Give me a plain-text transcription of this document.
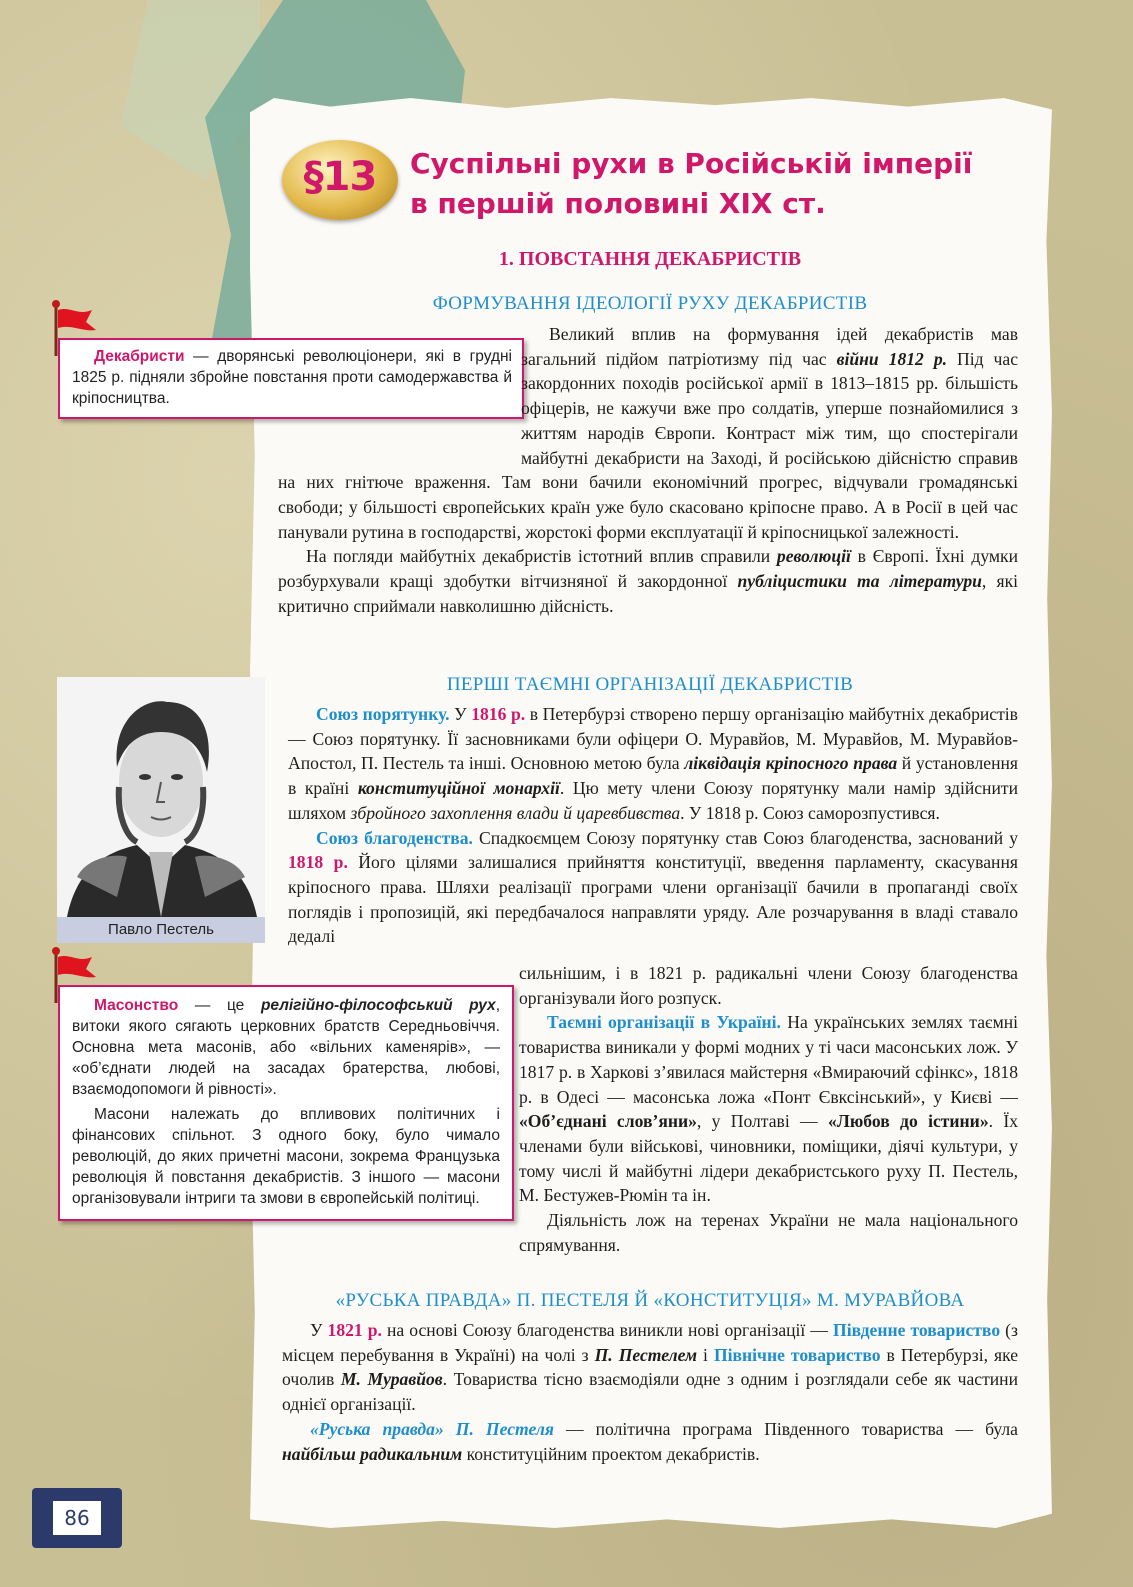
§13 Суспільні рухи в Російській імперії
в першій половині XIX ст.
1. ПОВСТАННЯ ДЕКАБРИСТІВ
ФОРМУВАННЯ ІДЕОЛОГІЇ РУХУ ДЕКАБРИСТІВ

Декабристи — дворянські революціонери, які в грудні 1825 р. підняли збройне повстання проти самодержавства й кріпосництва.

Великий вплив на формування ідей декабристів мав загальний підйом патріотизму під час війни 1812 р. Під час закордонних походів російської армії в 1813–1815 рр. більшість офіцерів, не кажучи вже про солдатів, уперше познайомилися з життям народів Європи. Контраст між тим, що спостерігали майбутні декабристи на Заході, й російською дійсністю справив на них гнітюче враження. Там вони бачили економічний прогрес, відчували громадянські свободи; у більшості європейських країн уже було скасовано кріпосне право. А в Росії в цей час панували рутина в господарстві, жорстокі форми експлуатації й кріпосницької залежності.

На погляди майбутніх декабристів істотний вплив справили революції в Європі. Їхні думки розбурхували кращі здобутки вітчизняної й закордонної публіцистики та літератури, які критично сприймали навколишню дійсність.

ПЕРШІ ТАЄМНІ ОРГАНІЗАЦІЇ ДЕКАБРИСТІВ
Павло Пестель

Союз порятунку. У 1816 р. в Петербурзі створено першу організацію майбутніх декабристів — Союз порятунку. Її засновниками були офіцери О. Муравйов, М. Муравйов, М. Муравйов-Апостол, П. Пестель та інші. Основною метою була ліквідація кріпосного права й установлення в країні конституційної монархії. Цю мету члени Союзу порятунку мали намір здійснити шляхом збройного захоплення влади й царевбивства. У 1818 р. Союз саморозпустився.

Союз благоденства. Спадкоємцем Союзу порятунку став Союз благоденства, заснований у 1818 р. Його цілями залишалися прийняття конституції, введення парламенту, скасування кріпосного права. Шляхи реалізації програми члени організації бачили в пропаганді своїх поглядів і пропозицій, які передбачалося направляти уряду. Але розчарування в владі ставало дедалі

Масонство — це релігійно-філософський рух, витоки якого сягають церковних братств Середньовіччя. Основна мета масонів, або «вільних каменярів», — «об’єднати людей на засадах братерства, любові, взаємодопомоги й рівності».

Масони належать до впливових політичних і фінансових спільнот. З одного боку, було чимало революцій, до яких причетні масони, зокрема Французька революція й повстання декабристів. З іншого — масони організовували інтриги та змови в європейській політиці.

сильнішим, і в 1821 р. радикальні члени Союзу благоденства організували його розпуск.

Таємні організації в Україні. На українських землях таємні товариства виникали у формі модних у ті часи масонських лож. У 1817 р. в Харкові з’явилася майстерня «Вмираючий сфінкс», 1818 р. в Одесі — масонська ложа «Понт Євксінський», у Києві — «Об’єднані слов’яни», у Полтаві — «Любов до істини». Їх членами були військові, чиновники, поміщики, діячі культури, у тому числі й майбутні лідери декабристського руху П. Пестель, М. Бестужев-Рюмін та ін.

Діяльність лож на теренах України не мала національного спрямування.

«РУСЬКА ПРАВДА» П. ПЕСТЕЛЯ Й «КОНСТИТУЦІЯ» М. МУРАВЙОВА

У 1821 р. на основі Союзу благоденства виникли нові організації — Південне товариство (з місцем перебування в Україні) на чолі з П. Пестелем і Північне товариство в Петербурзі, яке очолив М. Муравйов. Товариства тісно взаємодіяли одне з одним і розглядали себе як частини однієї організації.

«Руська правда» П. Пестеля — політична програма Південного товариства — була найбільш радикальним конституційним проектом декабристів.

86
